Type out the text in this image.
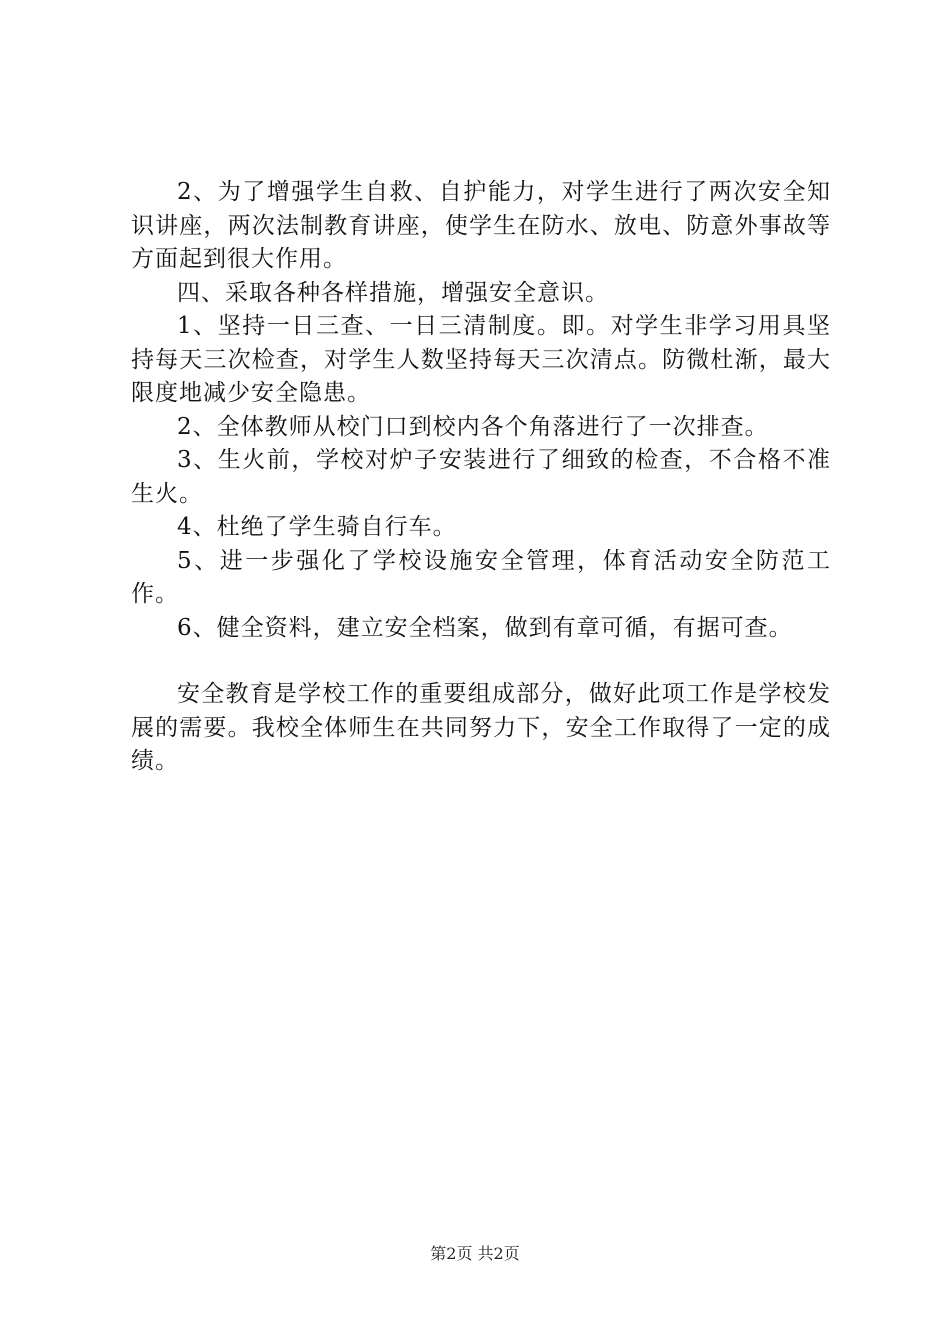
2、为了增强学生自救、自护能力，对学生进行了两次安全知识讲座，两次法制教育讲座，使学生在防水、放电、防意外事故等方面起到很大作用。

四、采取各种各样措施，增强安全意识。

1、坚持一日三查、一日三清制度。即。对学生非学习用具坚持每天三次检查，对学生人数坚持每天三次清点。防微杜渐，最大限度地减少安全隐患。

2、全体教师从校门口到校内各个角落进行了一次排查。

3、生火前，学校对炉子安装进行了细致的检查，不合格不准生火。

4、杜绝了学生骑自行车。

5、进一步强化了学校设施安全管理，体育活动安全防范工作。

6、健全资料，建立安全档案，做到有章可循，有据可查。

安全教育是学校工作的重要组成部分，做好此项工作是学校发展的需要。我校全体师生在共同努力下，安全工作取得了一定的成绩。

第2页 共2页
